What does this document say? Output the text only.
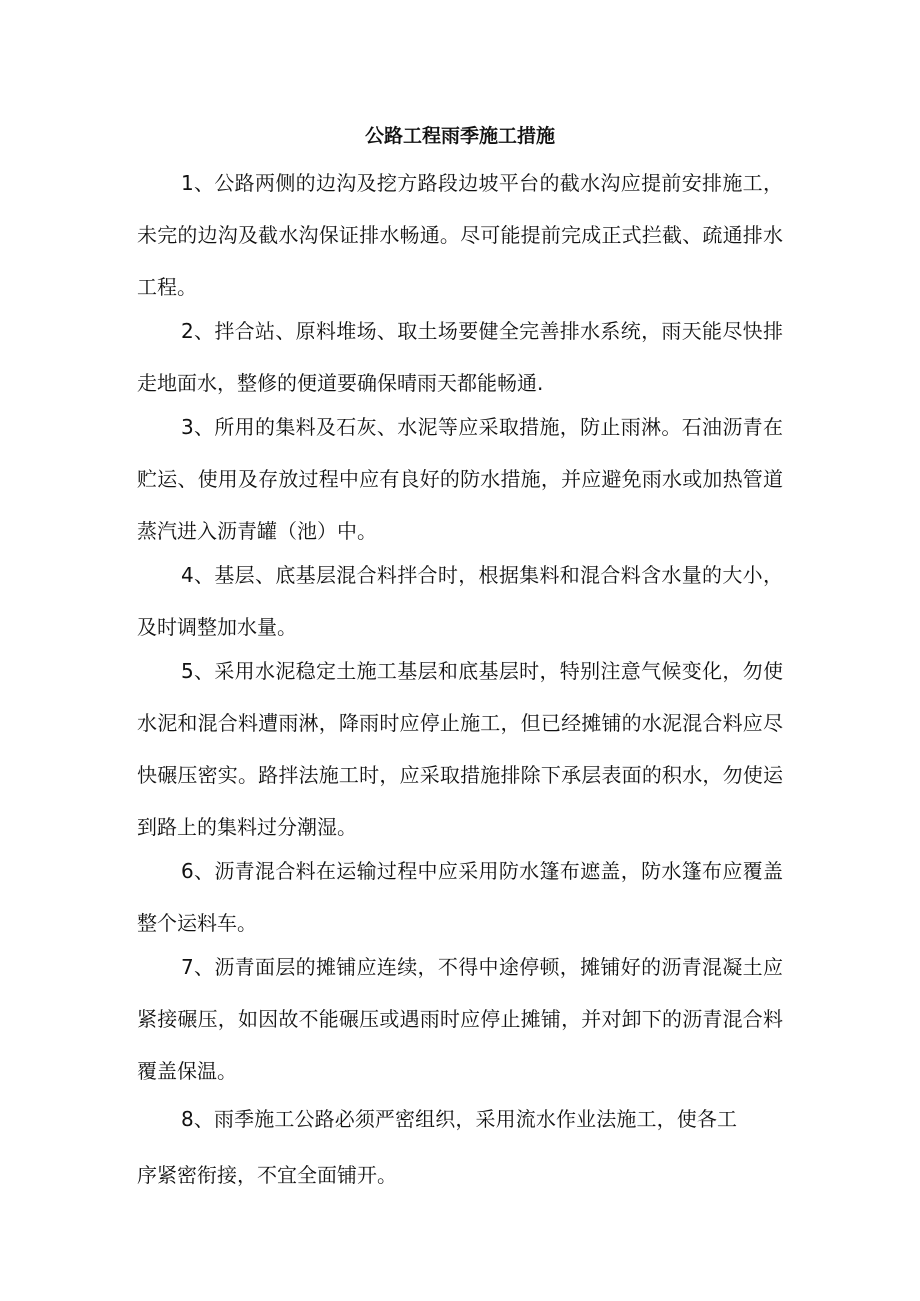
公路工程雨季施工措施

1、公路两侧的边沟及挖方路段边坡平台的截水沟应提前安排施工，未完的边沟及截水沟保证排水畅通。尽可能提前完成正式拦截、疏通排水工程。

2、拌合站、原料堆场、取土场要健全完善排水系统，雨天能尽快排走地面水，整修的便道要确保晴雨天都能畅通.

3、所用的集料及石灰、水泥等应采取措施，防止雨淋。石油沥青在贮运、使用及存放过程中应有良好的防水措施，并应避免雨水或加热管道蒸汽进入沥青罐（池）中。

4、基层、底基层混合料拌合时，根据集料和混合料含水量的大小，及时调整加水量。

5、采用水泥稳定土施工基层和底基层时，特别注意气候变化，勿使水泥和混合料遭雨淋，降雨时应停止施工，但已经摊铺的水泥混合料应尽快碾压密实。路拌法施工时，应采取措施排除下承层表面的积水，勿使运到路上的集料过分潮湿。

6、沥青混合料在运输过程中应采用防水篷布遮盖，防水篷布应覆盖整个运料车。

7、沥青面层的摊铺应连续，不得中途停顿，摊铺好的沥青混凝土应紧接碾压，如因故不能碾压或遇雨时应停止摊铺，并对卸下的沥青混合料覆盖保温。

8、雨季施工公路必须严密组织，采用流水作业法施工，使各工序紧密衔接，不宜全面铺开。
